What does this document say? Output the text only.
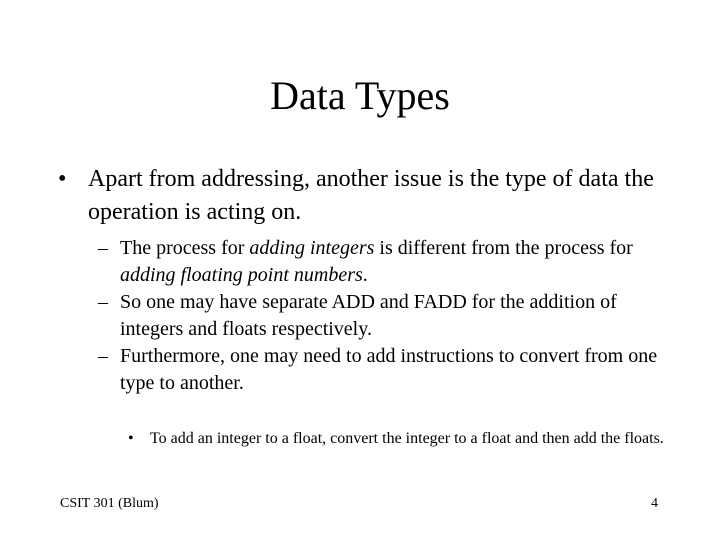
Data Types
• Apart from addressing, another issue is the type of data the operation is acting on.
– The process for adding integers is different from the process for adding floating point numbers.
– So one may have separate ADD and FADD for the addition of integers and floats respectively.
– Furthermore, one may need to add instructions to convert from one type to another.
• To add an integer to a float, convert the integer to a float and then add the floats.
CSIT 301 (Blum)	4
